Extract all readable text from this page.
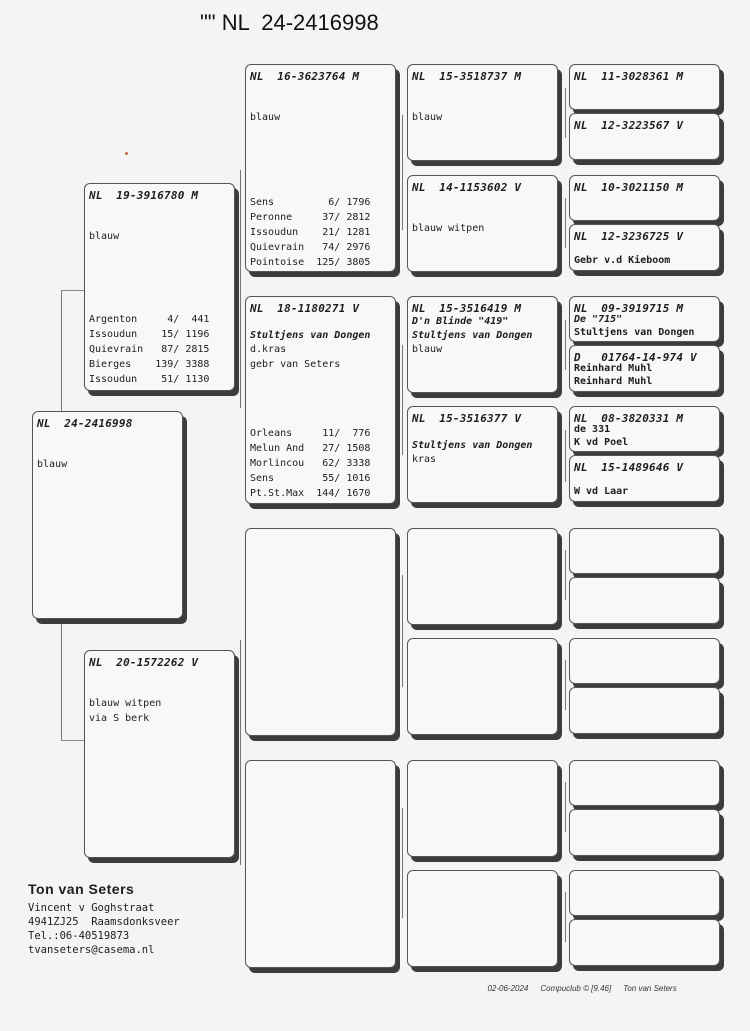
"" NL  24-2416998
NL  24-2416998
blauw
NL  19-3916780 M
blauw
Argenton     4/  441
Issoudun    15/ 1196
Quievrain   87/ 2815
Bierges    139/ 3388
Issoudun    51/ 1130
NL  20-1572262 V
blauw witpen
via S berk
NL  16-3623764 M
blauw
Sens         6/ 1796
Peronne     37/ 2812
Issoudun    21/ 1281
Quievrain   74/ 2976
Pointoise  125/ 3805
NL  18-1180271 V
Stultjens van Dongen
d.kras
gebr van Seters
Orleans     11/  776
Melun And   27/ 1508
Morlincou   62/ 3338
Sens        55/ 1016
Pt.St.Max  144/ 1670
NL  15-3518737 M
blauw
NL  14-1153602 V
blauw witpen
NL  15-3516419 M
D'n Blinde "419"
Stultjens van Dongen
blauw
NL  15-3516377 V
Stultjens van Dongen
kras
NL  11-3028361 M
NL  12-3223567 V
NL  10-3021150 M
NL  12-3236725 V
Gebr v.d Kieboom
NL  09-3919715 M
De "715"
Stultjens van Dongen
D   01764-14-974 V
Reinhard Muhl
Reinhard Muhl
NL  08-3820331 M
de 331
K vd Poel
NL  15-1489646 V
W vd Laar
Ton van Seters
Vincent v Goghstraat
4941ZJ25  Raamsdonksveer
Tel.:06-40519873
tvanseters@casema.nl

02-06-2024 Compuclub © [9.46] Ton van Seters
